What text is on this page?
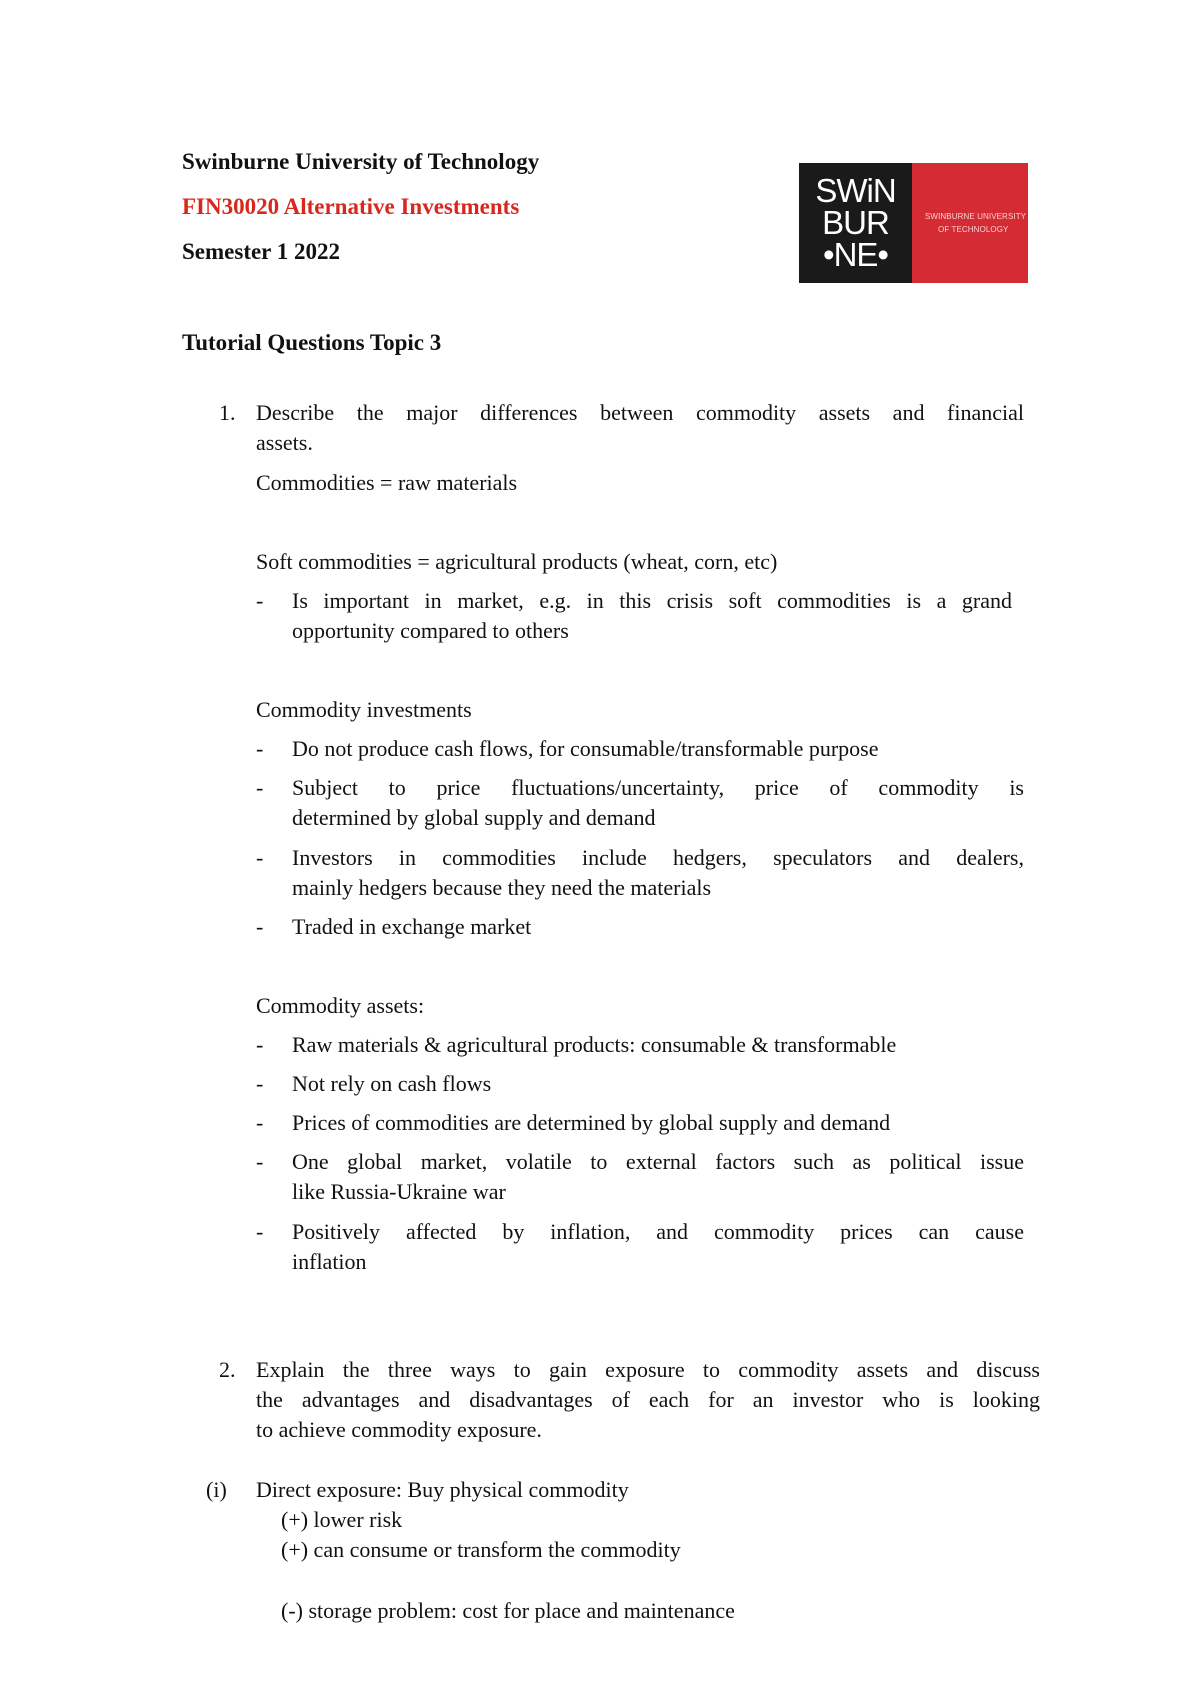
Swinburne University of Technology
FIN30020 Alternative Investments
Semester 1 2022
SWiN
BUR
•NE•
SWINBURNE UNIVERSITY
OF TECHNOLOGY
Tutorial Questions Topic 3
1. Describe the major differences between commodity assets and financial
assets.
Commodities = raw materials
Soft commodities = agricultural products (wheat, corn, etc)
- Is important in market, e.g. in this crisis soft commodities is a grand
opportunity compared to others
Commodity investments
- Do not produce cash flows, for consumable/transformable purpose
- Subject to price fluctuations/uncertainty, price of commodity is
determined by global supply and demand
- Investors in commodities include hedgers, speculators and dealers,
mainly hedgers because they need the materials
- Traded in exchange market
Commodity assets:
- Raw materials & agricultural products: consumable & transformable
- Not rely on cash flows
- Prices of commodities are determined by global supply and demand
- One global market, volatile to external factors such as political issue
like Russia-Ukraine war
- Positively affected by inflation, and commodity prices can cause
inflation
2. Explain the three ways to gain exposure to commodity assets and discuss
the advantages and disadvantages of each for an investor who is looking
to achieve commodity exposure.
(i) Direct exposure: Buy physical commodity
(+) lower risk
(+) can consume or transform the commodity
(-) storage problem: cost for place and maintenance
